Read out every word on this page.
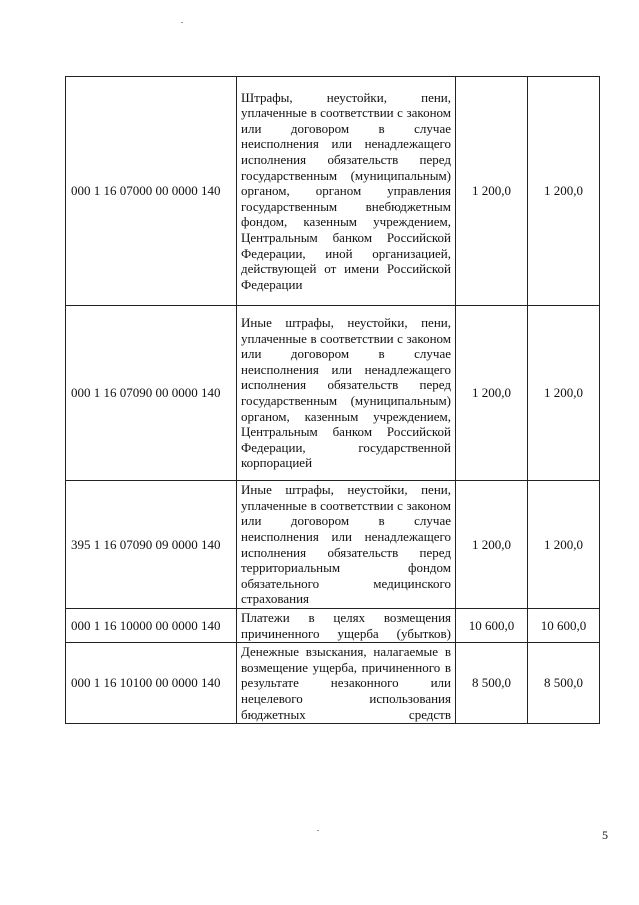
000 1 16 07000 00 0000 140	Штрафы, неустойки, пени, уплаченные в соответствии с законом или договором в случае неисполнения или ненадлежащего исполнения обязательств перед государственным (муниципальным) органом, органом управления государственным внебюджетным фондом, казенным учреждением, Центральным банком Российской Федерации, иной организацией, действующей от имени Российской Федерации	1 200,0	1 200,0
000 1 16 07090 00 0000 140	Иные штрафы, неустойки, пени, уплаченные в соответствии с законом или договором в случае неисполнения или ненадлежащего исполнения обязательств перед государственным (муниципальным) органом, казенным учреждением, Центральным банком Российской Федерации, государственной корпорацией	1 200,0	1 200,0
395 1 16 07090 09 0000 140	Иные штрафы, неустойки, пени, уплаченные в соответствии с законом или договором в случае неисполнения или ненадлежащего исполнения обязательств перед территориальным фондом обязательного медицинского страхования	1 200,0	1 200,0
000 1 16 10000 00 0000 140	Платежи в целях возмещения причиненного ущерба (убытков)	10 600,0	10 600,0
000 1 16 10100 00 0000 140	Денежные взыскания, налагаемые в возмещение ущерба, причиненного в результате незаконного или нецелевого использования бюджетных средств	8 500,0	8 500,0
5
